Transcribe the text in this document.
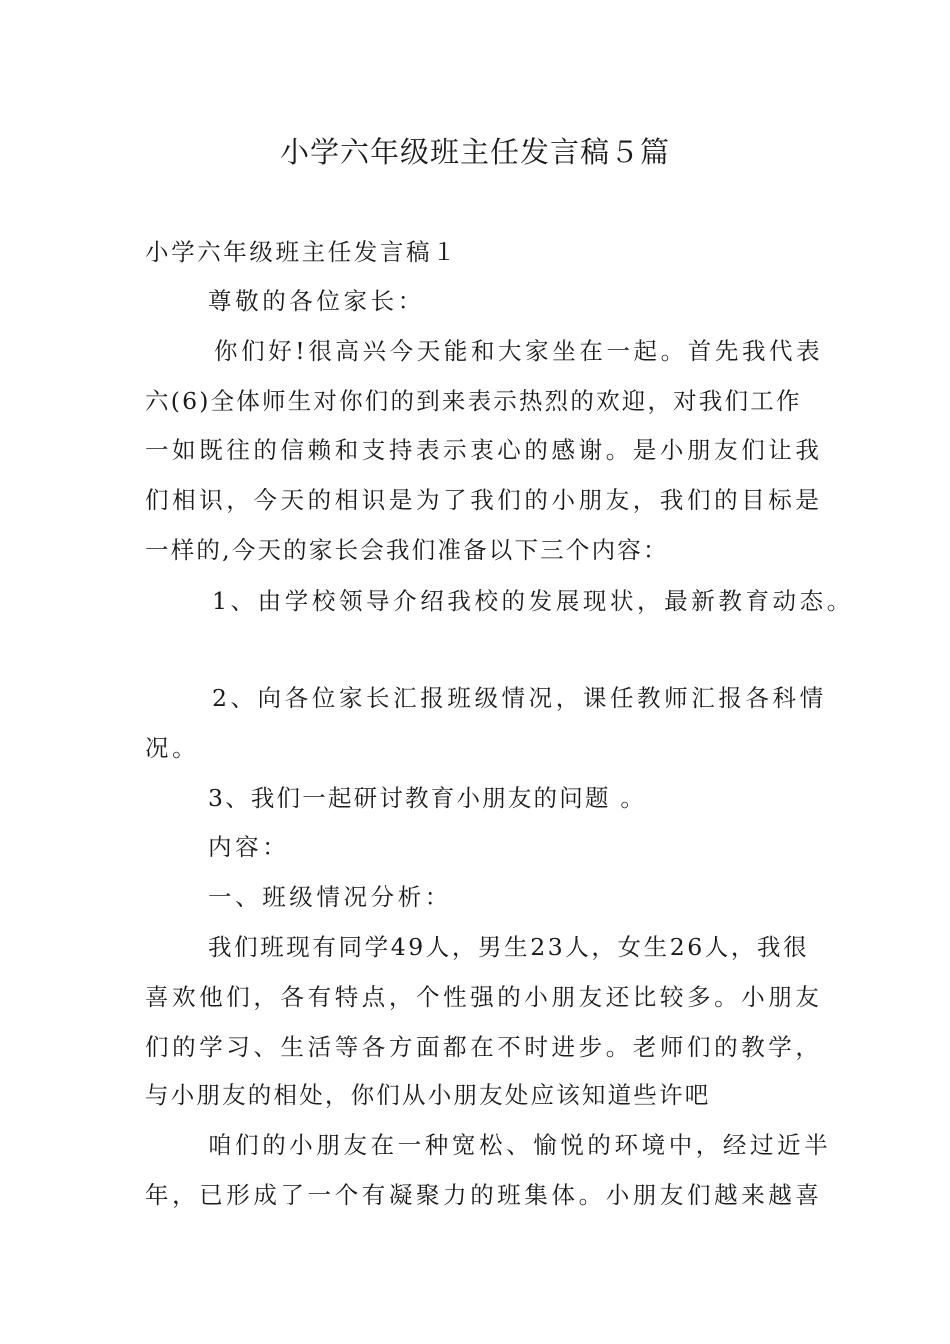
小学六年级班主任发言稿５篇
小学六年级班主任发言稿１
尊敬的各位家长：
你们好!很高兴今天能和大家坐在一起。首先我代表
六(6)全体师生对你们的到来表示热烈的欢迎，对我们工作
一如既往的信赖和支持表示衷心的感谢。是小朋友们让我
们相识，今天的相识是为了我们的小朋友，我们的目标是
一样的,今天的家长会我们准备以下三个内容：
1、由学校领导介绍我校的发展现状，最新教育动态。
2、向各位家长汇报班级情况，课任教师汇报各科情
况。
3、我们一起研讨教育小朋友的问题 。
内容：
一、班级情况分析：
我们班现有同学49人，男生23人，女生26人，我很
喜欢他们，各有特点，个性强的小朋友还比较多。小朋友
们的学习、生活等各方面都在不时进步。老师们的教学，
与小朋友的相处，你们从小朋友处应该知道些许吧
咱们的小朋友在一种宽松、愉悦的环境中，经过近半
年，已形成了一个有凝聚力的班集体。小朋友们越来越喜
